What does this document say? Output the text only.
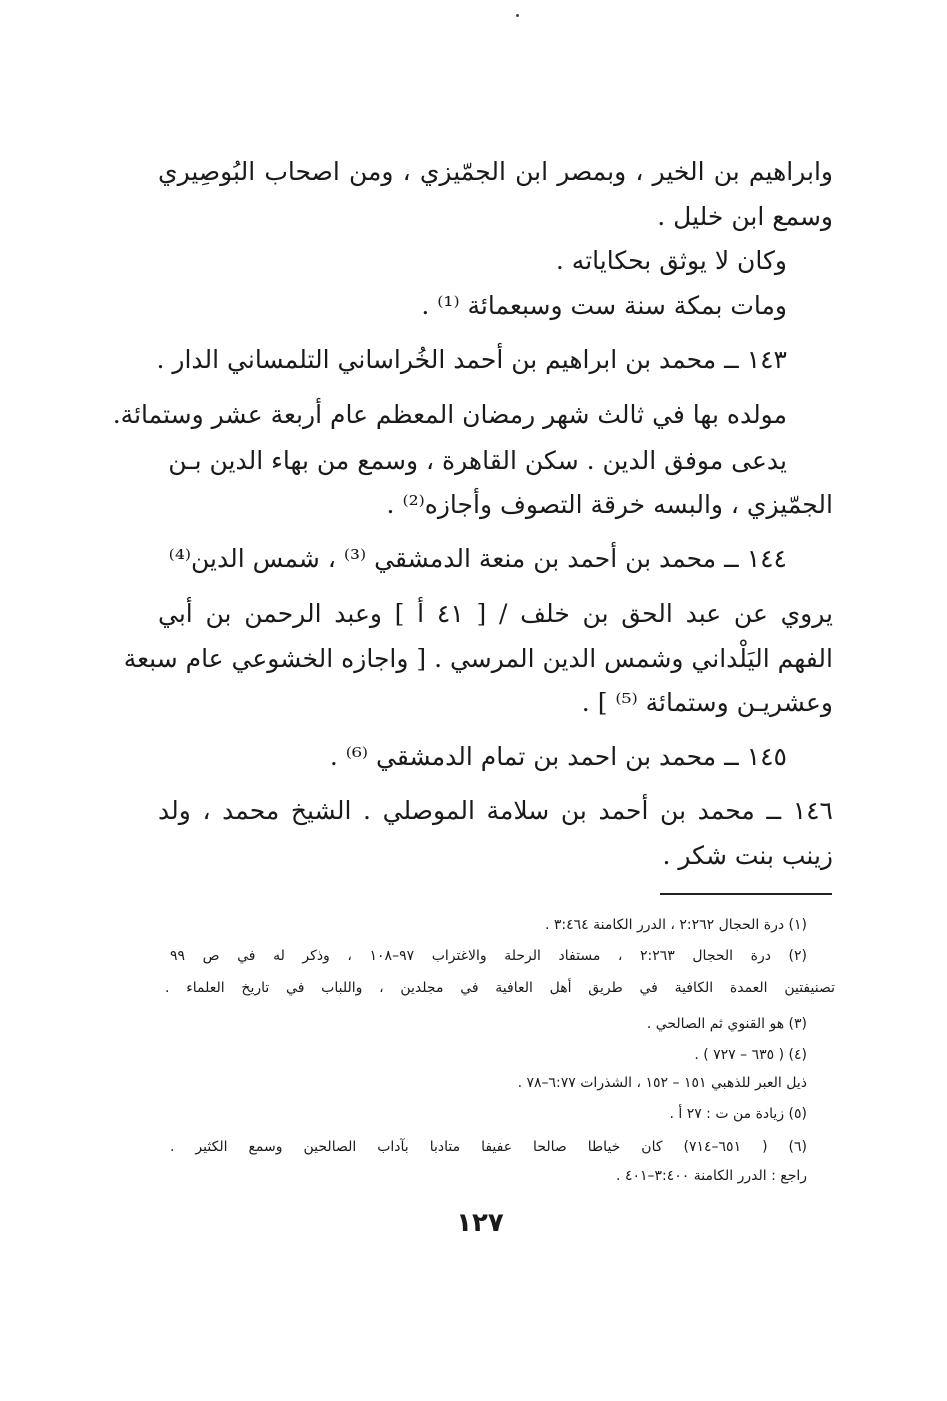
وابراهيم بن الخير ، وبمصر ابن الجمّيزي ، ومن اصحاب البُوصِيري
وسمع ابن خليل .
وكان لا يوثق بحكاياته .
ومات بمكة سنة ست وسبعمائة ⁽¹⁾ .
١٤٣ ــ محمد بن ابراهيم بن أحمد الخُراساني التلمساني الدار .
مولده بها في ثالث شهر رمضان المعظم عام أربعة عشر وستمائة.
يدعى موفق الدين . سكن القاهرة ، وسمع من بهاء الدين بـن
الجمّيزي ، والبسه خرقة التصوف وأجازه⁽²⁾ .
١٤٤ ــ محمد بن أحمد بن منعة الدمشقي ⁽³⁾ ، شمس الدين⁽⁴⁾
يروي عن عبد الحق بن خلف / [ ٤١ أ ] وعبد الرحمن بن أبي
الفهم اليَلْداني وشمس الدين المرسي . [ واجازه الخشوعي عام سبعة
وعشريـن وستمائة ⁽⁵⁾ ] .
١٤٥ ــ محمد بن احمد بن تمام الدمشقي ⁽⁶⁾ .
١٤٦ ــ محمد بن أحمد بن سلامة الموصلي . الشيخ محمد ، ولد
زينب بنت شكر .
(١) درة الحجال ٢:٢٦٢ ، الدرر الكامنة ٣:٤٦٤ .
(٢) درة الحجال ٢:٢٦٣ ، مستفاد الرحلة والاغتراب ٩٧–١٠٨ ، وذكر له في ص ٩٩
تصنيفتين العمدة الكافية في طريق أهل العافية في مجلدين ، واللباب في تاريخ العلماء .
(٣) هو القنوي ثم الصالحي .
(٤) ( ٦٣٥ – ٧٢٧ ) .
ذيل العبر للذهبي ١٥١ – ١٥٢ ، الشذرات ٦:٧٧–٧٨ .
(٥) زيادة من ت : ٢٧ أ .
(٦) ( ٦٥١–٧١٤) كان خياطا صالحا عفيفا متادبا بآداب الصالحين وسمع الكثير .
راجع : الدرر الكامنة ٣:٤٠٠–٤٠١ .
١٢٧
